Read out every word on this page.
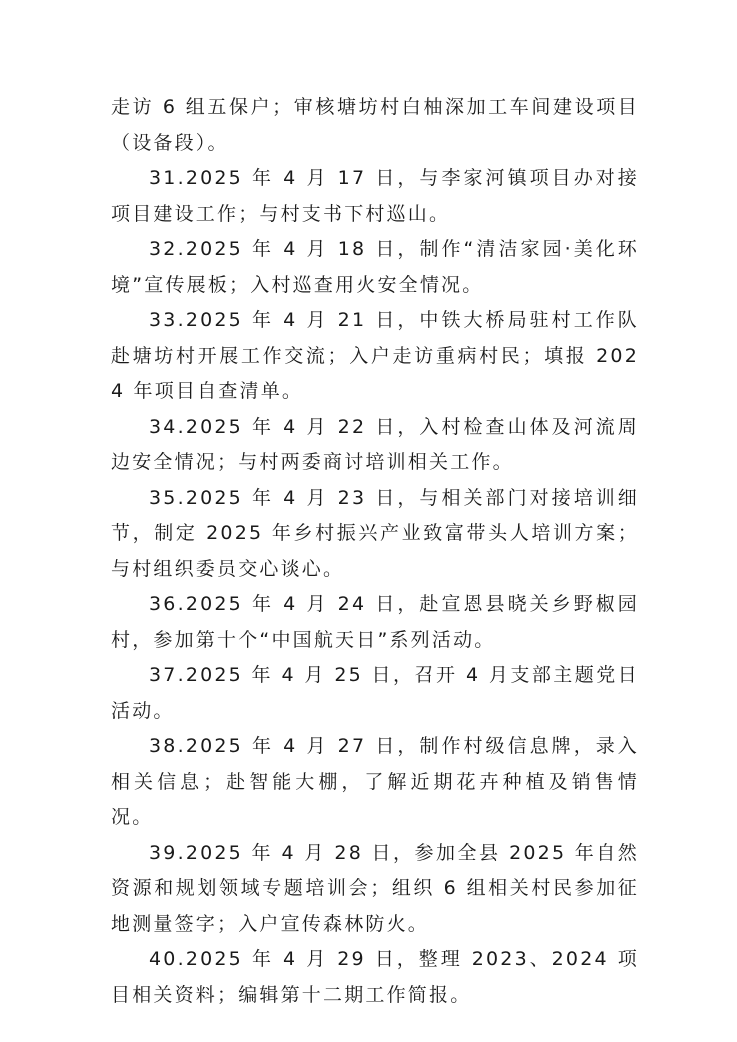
走访 6 组五保户；审核塘坊村白柚深加工车间建设项目（设备段）。

31.2025 年 4 月 17 日，与李家河镇项目办对接项目建设工作；与村支书下村巡山。

32.2025 年 4 月 18 日，制作“清洁家园·美化环境”宣传展板；入村巡查用火安全情况。

33.2025 年 4 月 21 日，中铁大桥局驻村工作队赴塘坊村开展工作交流；入户走访重病村民；填报 2024 年项目自查清单。

34.2025 年 4 月 22 日，入村检查山体及河流周边安全情况；与村两委商讨培训相关工作。

35.2025 年 4 月 23 日，与相关部门对接培训细节，制定 2025 年乡村振兴产业致富带头人培训方案；与村组织委员交心谈心。

36.2025 年 4 月 24 日，赴宣恩县晓关乡野椒园村，参加第十个“中国航天日”系列活动。

37.2025 年 4 月 25 日，召开 4 月支部主题党日活动。

38.2025 年 4 月 27 日，制作村级信息牌，录入相关信息；赴智能大棚，了解近期花卉种植及销售情况。

39.2025 年 4 月 28 日，参加全县 2025 年自然资源和规划领域专题培训会；组织 6 组相关村民参加征地测量签字；入户宣传森林防火。

40.2025 年 4 月 29 日，整理 2023、2024 项目相关资料；编辑第十二期工作简报。
